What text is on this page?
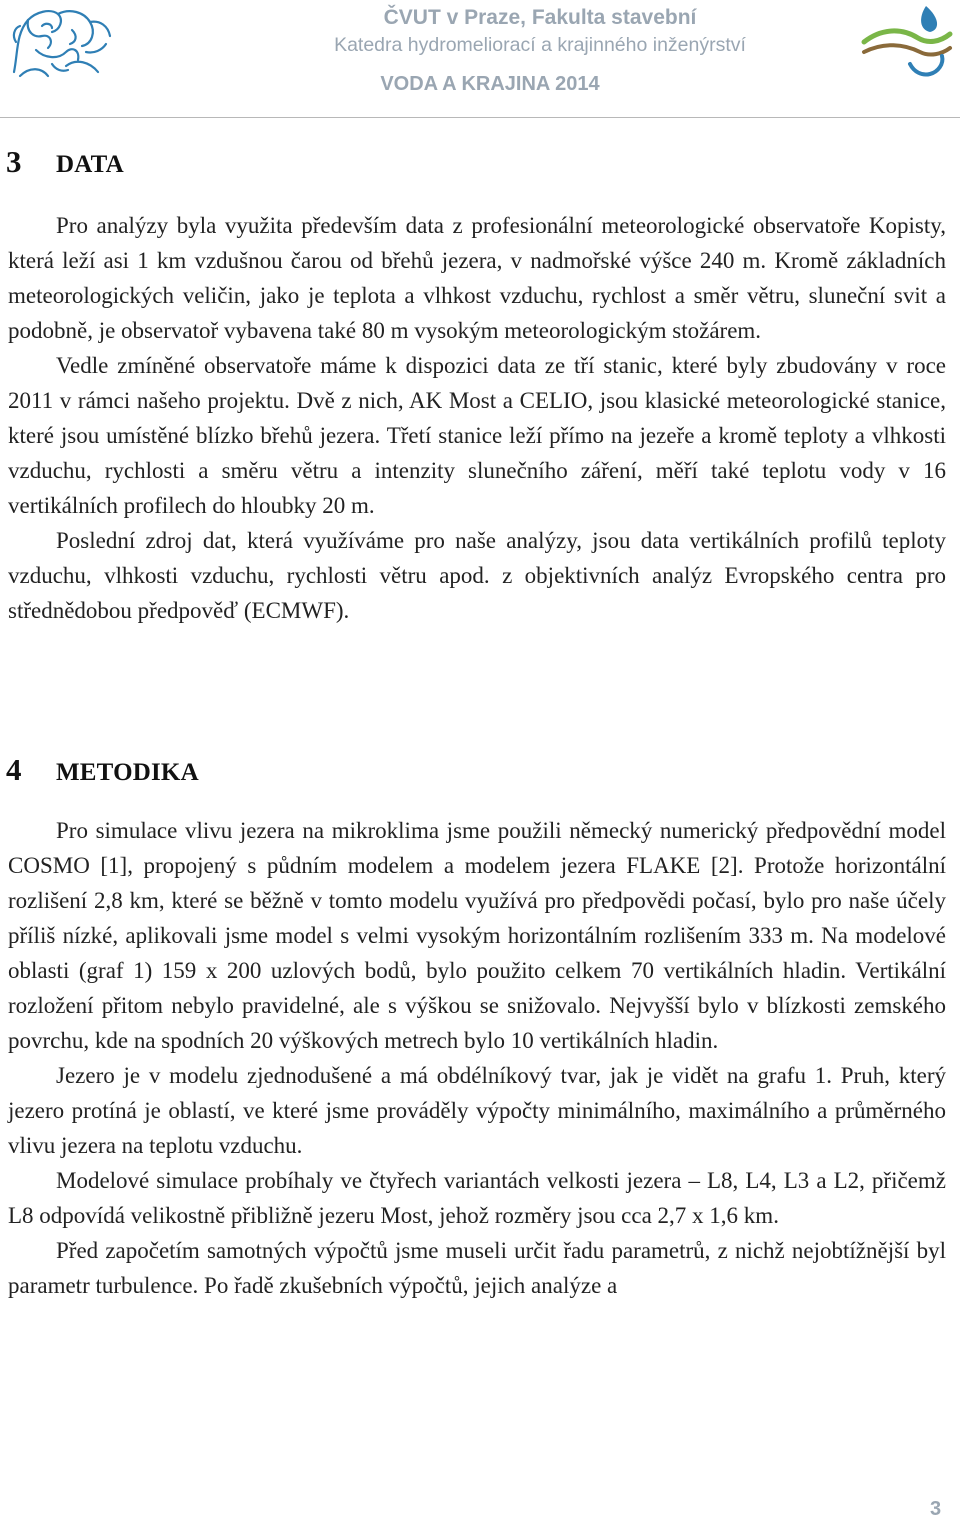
ČVUT v Praze, Fakulta stavební
Katedra hydromeliorací a krajinného inženýrství
VODA A KRAJINA 2014
3 DATA

Pro analýzy byla využita především data z profesionální meteorologické observatoře Kopisty, která leží asi 1 km vzdušnou čarou od břehů jezera, v nadmořské výšce 240 m. Kromě základních meteorologických veličin, jako je teplota a vlhkost vzduchu, rychlost a směr větru, sluneční svit a podobně, je observatoř vybavena také 80 m vysokým meteorologickým stožárem.

Vedle zmíněné observatoře máme k dispozici data ze tří stanic, které byly zbudovány v roce 2011 v rámci našeho projektu. Dvě z nich, AK Most a CELIO, jsou klasické meteorologické stanice, které jsou umístěné blízko břehů jezera. Třetí stanice leží přímo na jezeře a kromě teploty a vlhkosti vzduchu, rychlosti a směru větru a intenzity slunečního záření, měří také teplotu vody v 16 vertikálních profilech do hloubky 20 m.

Poslední zdroj dat, která využíváme pro naše analýzy, jsou data vertikálních profilů teploty vzduchu, vlhkosti vzduchu, rychlosti větru apod. z objektivních analýz Evropského centra pro střednědobou předpověď (ECMWF).

4 METODIKA

Pro simulace vlivu jezera na mikroklima jsme použili německý numerický předpovědní model COSMO [1], propojený s půdním modelem a modelem jezera FLAKE [2]. Protože horizontální rozlišení 2,8 km, které se běžně v tomto modelu využívá pro předpovědi počasí, bylo pro naše účely příliš nízké, aplikovali jsme model s velmi vysokým horizontálním rozlišením 333 m. Na modelové oblasti (graf 1) 159 x 200 uzlových bodů, bylo použito celkem 70 vertikálních hladin. Vertikální rozložení přitom nebylo pravidelné, ale s výškou se snižovalo. Nejvyšší bylo v blízkosti zemského povrchu, kde na spodních 20 výškových metrech bylo 10 vertikálních hladin.

Jezero je v modelu zjednodušené a má obdélníkový tvar, jak je vidět na grafu 1. Pruh, který jezero protíná je oblastí, ve které jsme prováděly výpočty minimálního, maximálního a průměrného vlivu jezera na teplotu vzduchu.

Modelové simulace probíhaly ve čtyřech variantách velkosti jezera – L8, L4, L3 a L2, přičemž L8 odpovídá velikostně přibližně jezeru Most, jehož rozměry jsou cca 2,7 x 1,6 km.

Před započetím samotných výpočtů jsme museli určit řadu parametrů, z nichž nejobtížnější byl parametr turbulence. Po řadě zkušebních výpočtů, jejich analýze a

3
